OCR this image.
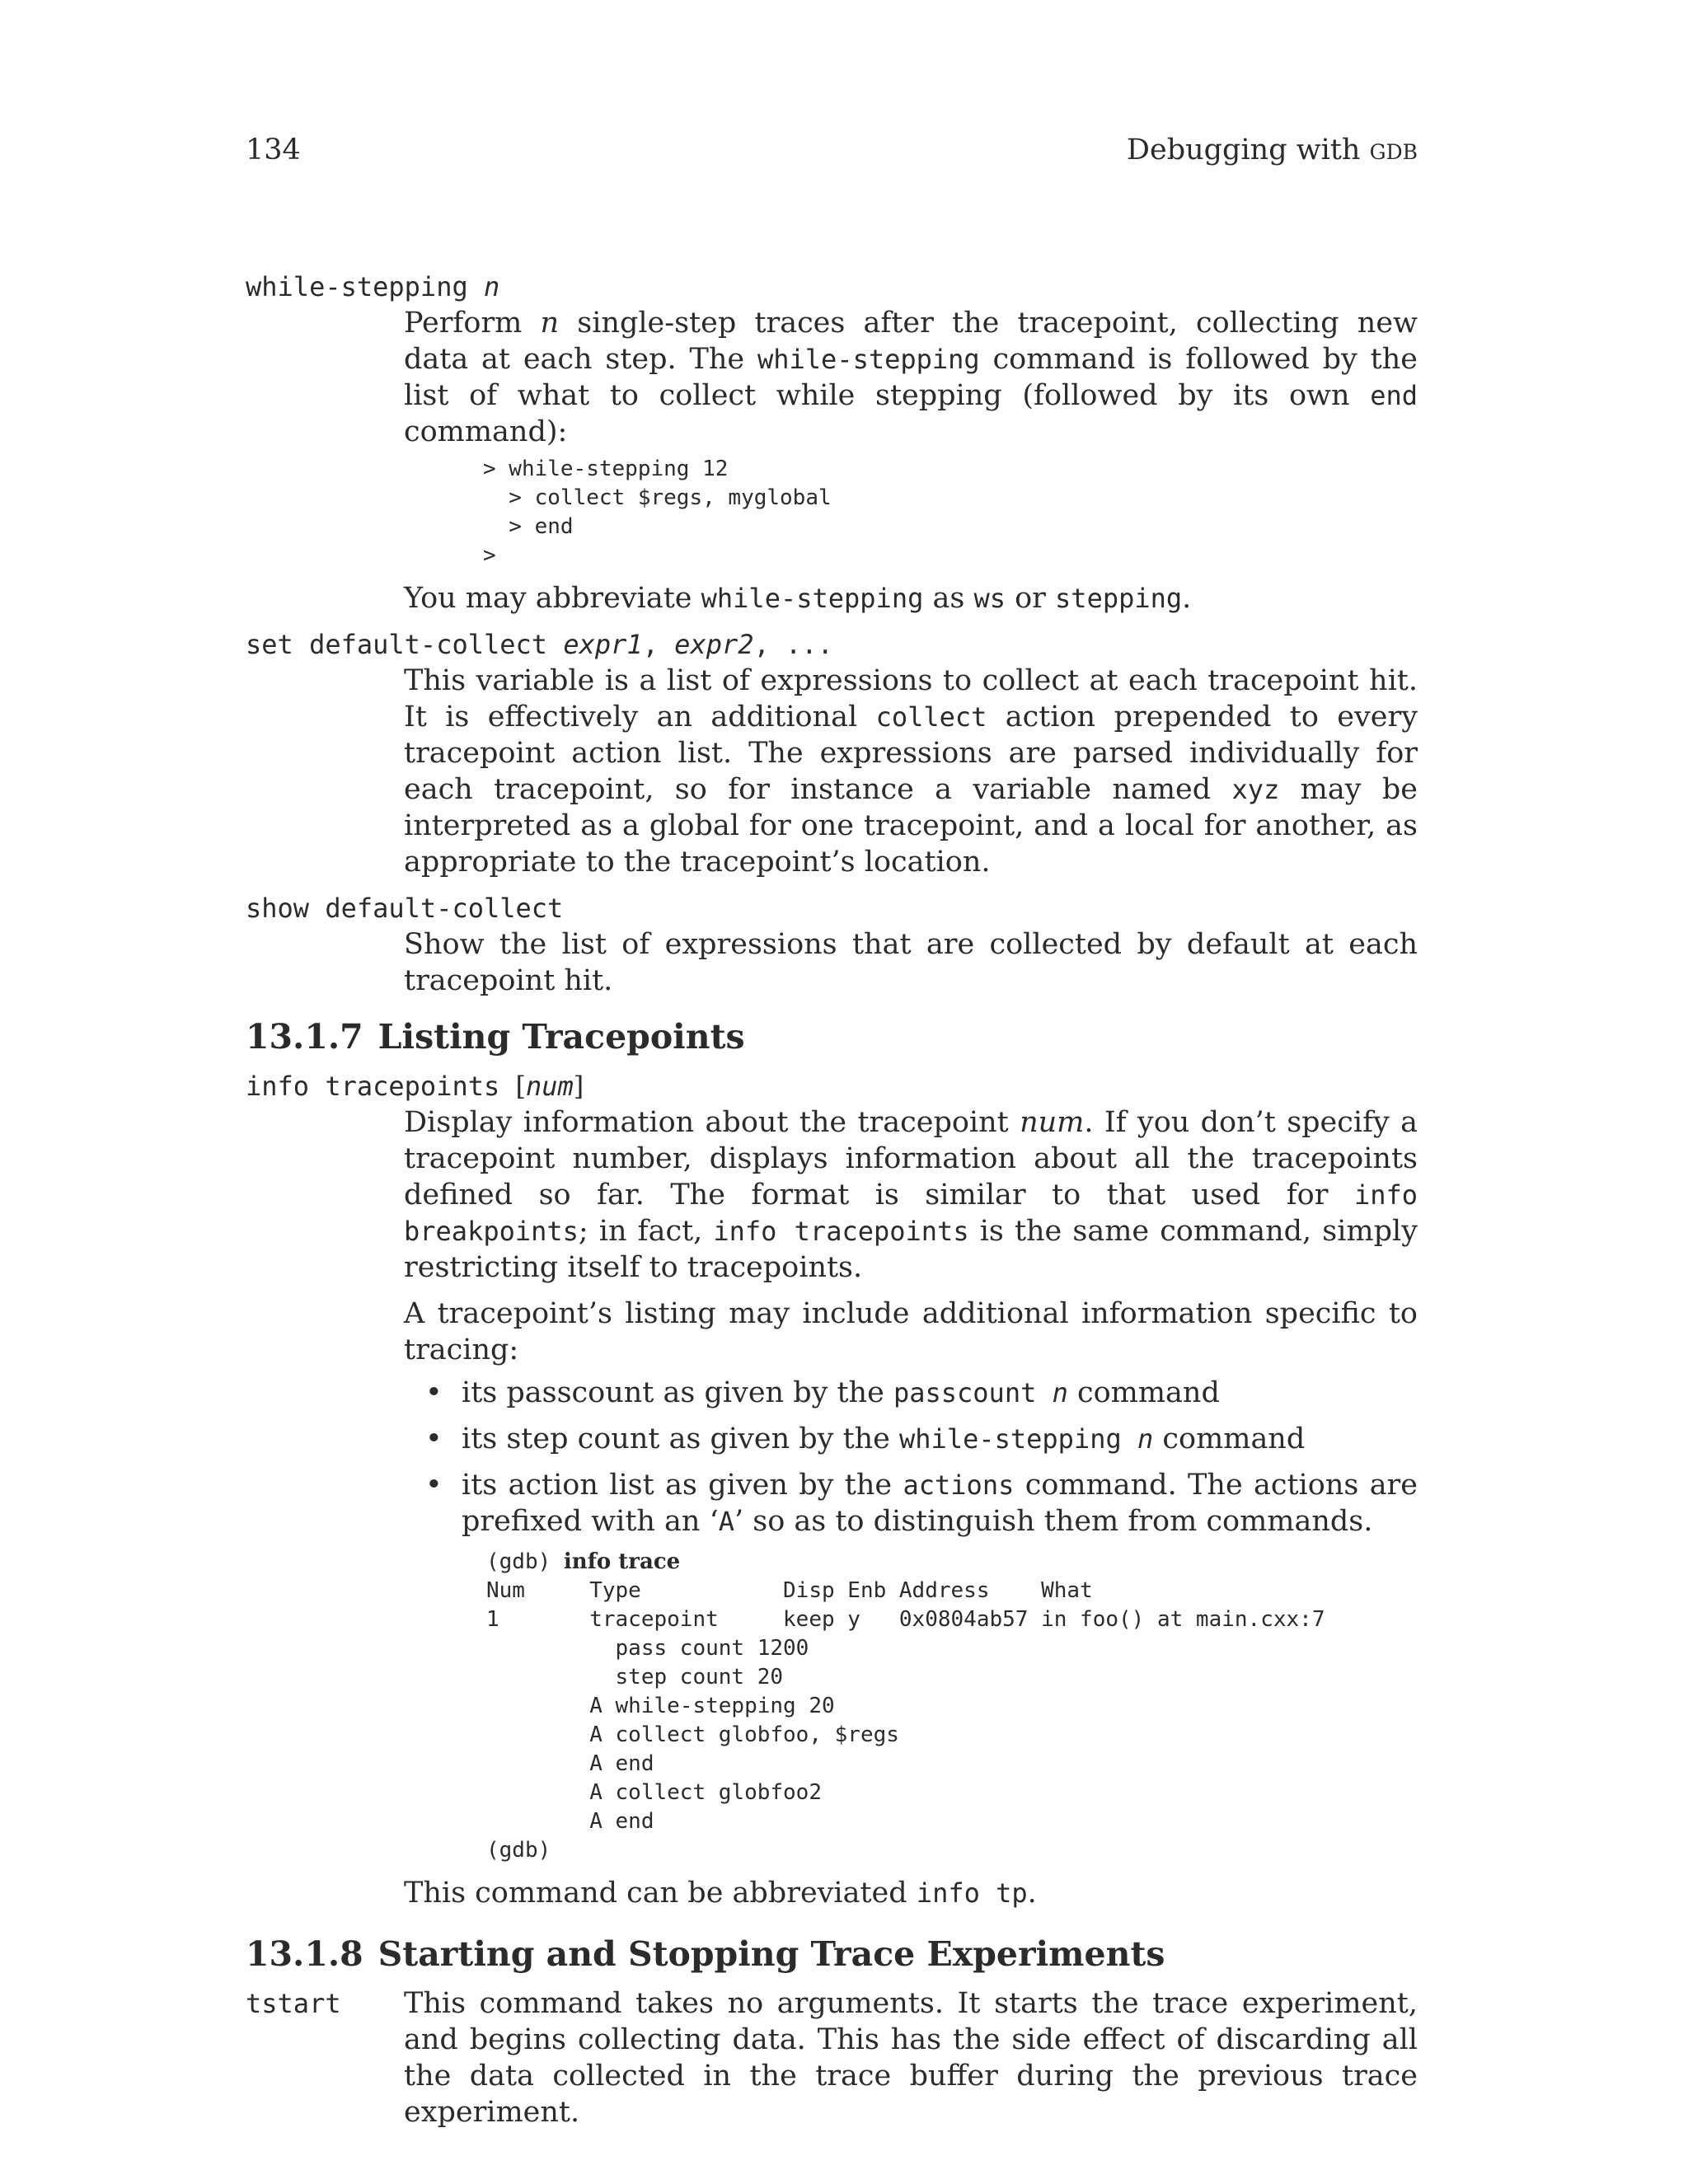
134	Debugging with gdb
while-stepping n

Perform n single-step traces after the tracepoint, collecting new data at each step. The while-stepping command is followed by the list of what to collect while stepping (followed by its own end command):

> while-stepping 12
> collect $regs, myglobal
> end
>

You may abbreviate while-stepping as ws or stepping.

set default-collect expr1, expr2, ...

This variable is a list of expressions to collect at each tracepoint hit. It is effectively an additional collect action prepended to every tracepoint action list. The expressions are parsed individually for each tracepoint, so for instance a variable named xyz may be interpreted as a global for one tracepoint, and a local for another, as appropriate to the tracepoint’s location.

show default-collect

Show the list of expressions that are collected by default at each tracepoint hit.

13.1.7 Listing Tracepoints
info tracepoints [num]

Display information about the tracepoint num. If you don’t specify a tracepoint number, displays information about all the tracepoints defined so far. The format is similar to that used for info breakpoints; in fact, info tracepoints is the same command, simply restricting itself to tracepoints.

A tracepoint’s listing may include additional information specific to tracing:

• its passcount as given by the passcount n command
• its step count as given by the while-stepping n command
• its action list as given by the actions command. The actions are prefixed with an ‘A’ so as to distinguish them from commands.
(gdb) info trace
Num     Type           Disp Enb Address    What
1       tracepoint     keep y   0x0804ab57 in foo() at main.cxx:7
pass count 1200
step count 20
A while-stepping 20
A collect globfoo, $regs
A end
A collect globfoo2
A end
(gdb)

This command can be abbreviated info tp.

13.1.8 Starting and Stopping Trace Experiments
tstart	This command takes no arguments. It starts the trace experiment, and begins collecting data. This has the side effect of discarding all the data collected in the trace buffer during the previous trace experiment.
